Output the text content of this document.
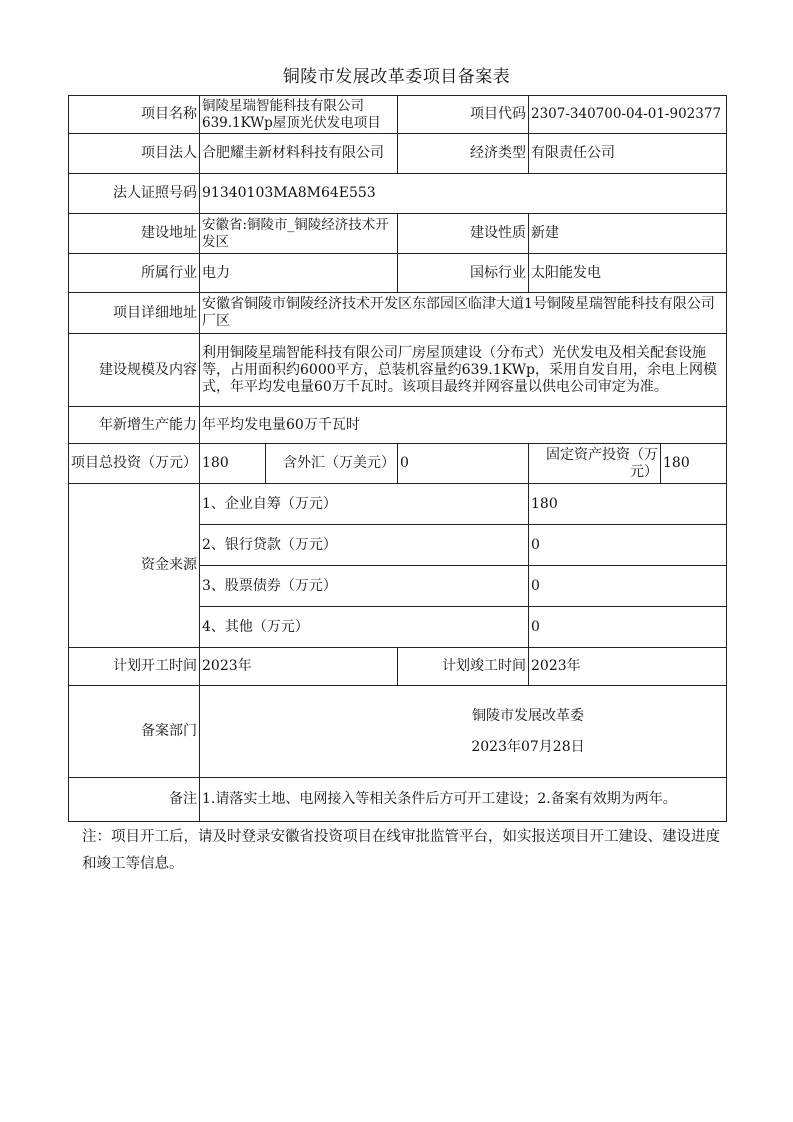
铜陵市发展改革委项目备案表
项目名称	铜陵星瑞智能科技有限公司639.1KWp屋顶光伏发电项目		项目代码	2307-340700-04-01-902377	
项目法人	合肥耀圭新材料科技有限公司		经济类型	有限责任公司	
法人证照号码	91340103MA8M64E553				
建设地址	安徽省:铜陵市_铜陵经济技术开发区		建设性质	新建	
所属行业	电力		国标行业	太阳能发电	
项目详细地址	安徽省铜陵市铜陵经济技术开发区东部园区临津大道1号铜陵星瑞智能科技有限公司厂区				
建设规模及内容	利用铜陵星瑞智能科技有限公司厂房屋顶建设（分布式）光伏发电及相关配套设施等，占用面积约6000平方，总装机容量约639.1KWp，采用自发自用，余电上网模式，年平均发电量60万千瓦时。该项目最终并网容量以供电公司审定为准。				
年新增生产能力	年平均发电量60万千瓦时				
项目总投资（万元）	180	含外汇（万美元）	0	固定资产投资（万元）	180
资金来源	1、企业自筹（万元）			180	
	2、银行贷款（万元）			0	
	3、股票债券（万元）			0	
	4、其他（万元）			0	
计划开工时间	2023年		计划竣工时间	2023年	
备案部门	铜陵市发展改革委
2023年07月28日				

备注	1.请落实土地、电网接入等相关条件后方可开工建设；2.备案有效期为两年。				
注：项目开工后，请及时登录安徽省投资项目在线审批监管平台，如实报送项目开工建设、建设进度和竣工等信息。
